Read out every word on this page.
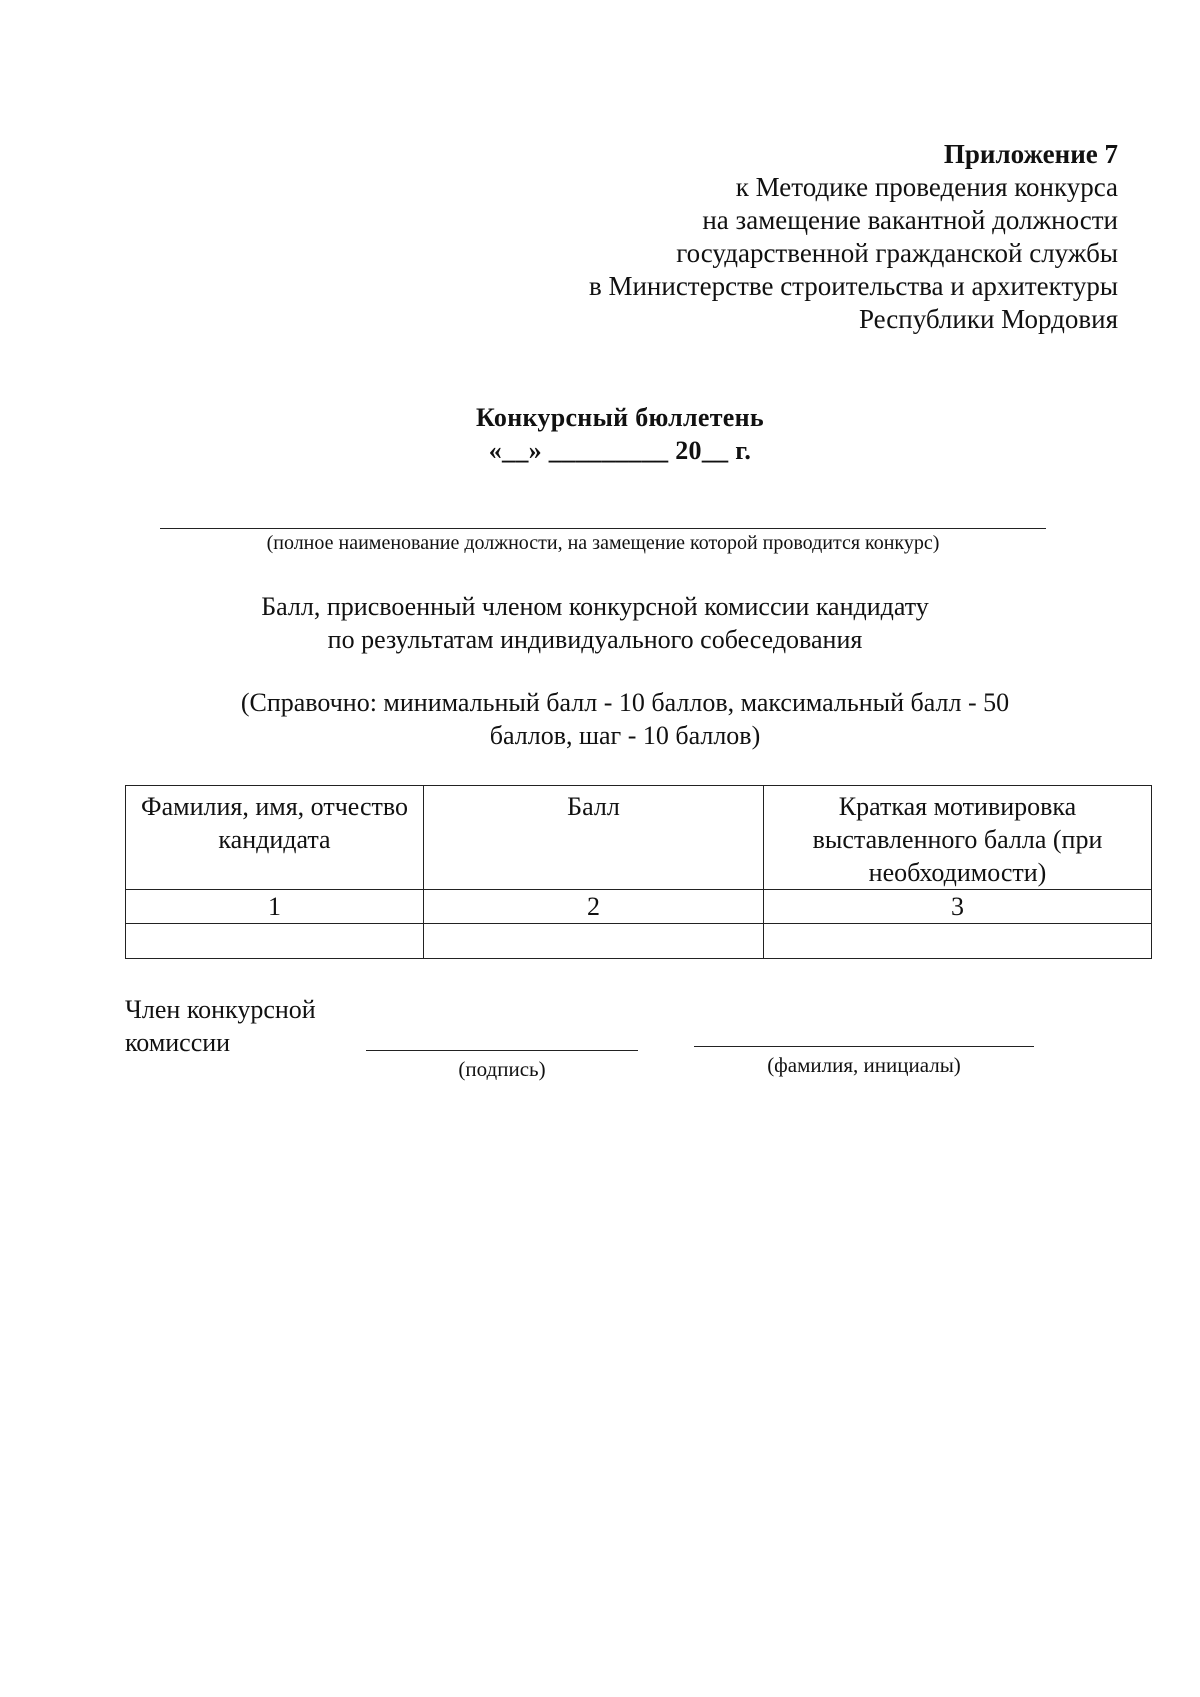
Приложение 7
к Методике проведения конкурса
на замещение вакантной должности
государственной гражданской службы
в Министерстве строительства и архитектуры
Республики Мордовия
Конкурсный бюллетень
«__» _________ 20__ г.
(полное наименование должности, на замещение которой проводится конкурс)
Балл, присвоенный членом конкурсной комиссии кандидату
по результатам индивидуального собеседования
(Справочно: минимальный балл - 10 баллов, максимальный балл - 50
баллов, шаг - 10 баллов)
Фамилия, имя, отчество кандидата	Балл	Краткая мотивировка выставленного балла (при необходимости)
1	2	3

Член конкурсной
комиссии
(подпись)	(фамилия, инициалы)
